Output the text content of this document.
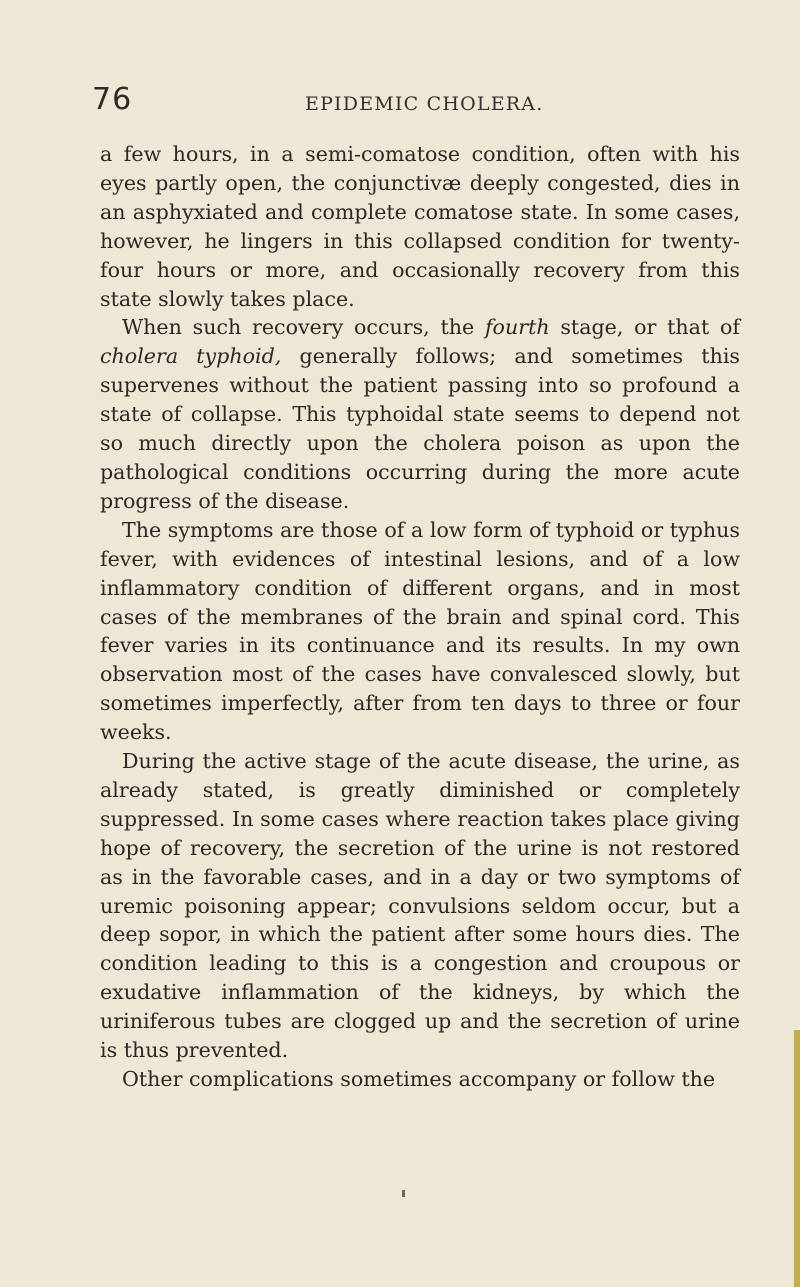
76	EPIDEMIC CHOLERA.

a few hours, in a semi-comatose condition, often with his eyes partly open, the conjunctivæ deeply congested, dies in an asphyxiated and complete comatose state. In some cases, however, he lingers in this collapsed condition for twenty-four hours or more, and occasionally recovery from this state slowly takes place.

When such recovery occurs, the fourth stage, or that of cholera typhoid, generally follows; and sometimes this supervenes without the patient passing into so profound a state of collapse. This typhoidal state seems to depend not so much directly upon the cholera poison as upon the pathological conditions occurring during the more acute progress of the disease.

The symptoms are those of a low form of typhoid or typhus fever, with evidences of intestinal lesions, and of a low inflammatory condition of different organs, and in most cases of the membranes of the brain and spinal cord. This fever varies in its continuance and its results. In my own observation most of the cases have convalesced slowly, but sometimes imperfectly, after from ten days to three or four weeks.

During the active stage of the acute disease, the urine, as already stated, is greatly diminished or completely suppressed. In some cases where reaction takes place giving hope of recovery, the secretion of the urine is not restored as in the favorable cases, and in a day or two symptoms of uremic poisoning appear; convulsions seldom occur, but a deep sopor, in which the patient after some hours dies. The condition leading to this is a congestion and croupous or exudative inflammation of the kidneys, by which the uriniferous tubes are clogged up and the secretion of urine is thus prevented.

Other complications sometimes accompany or follow the
